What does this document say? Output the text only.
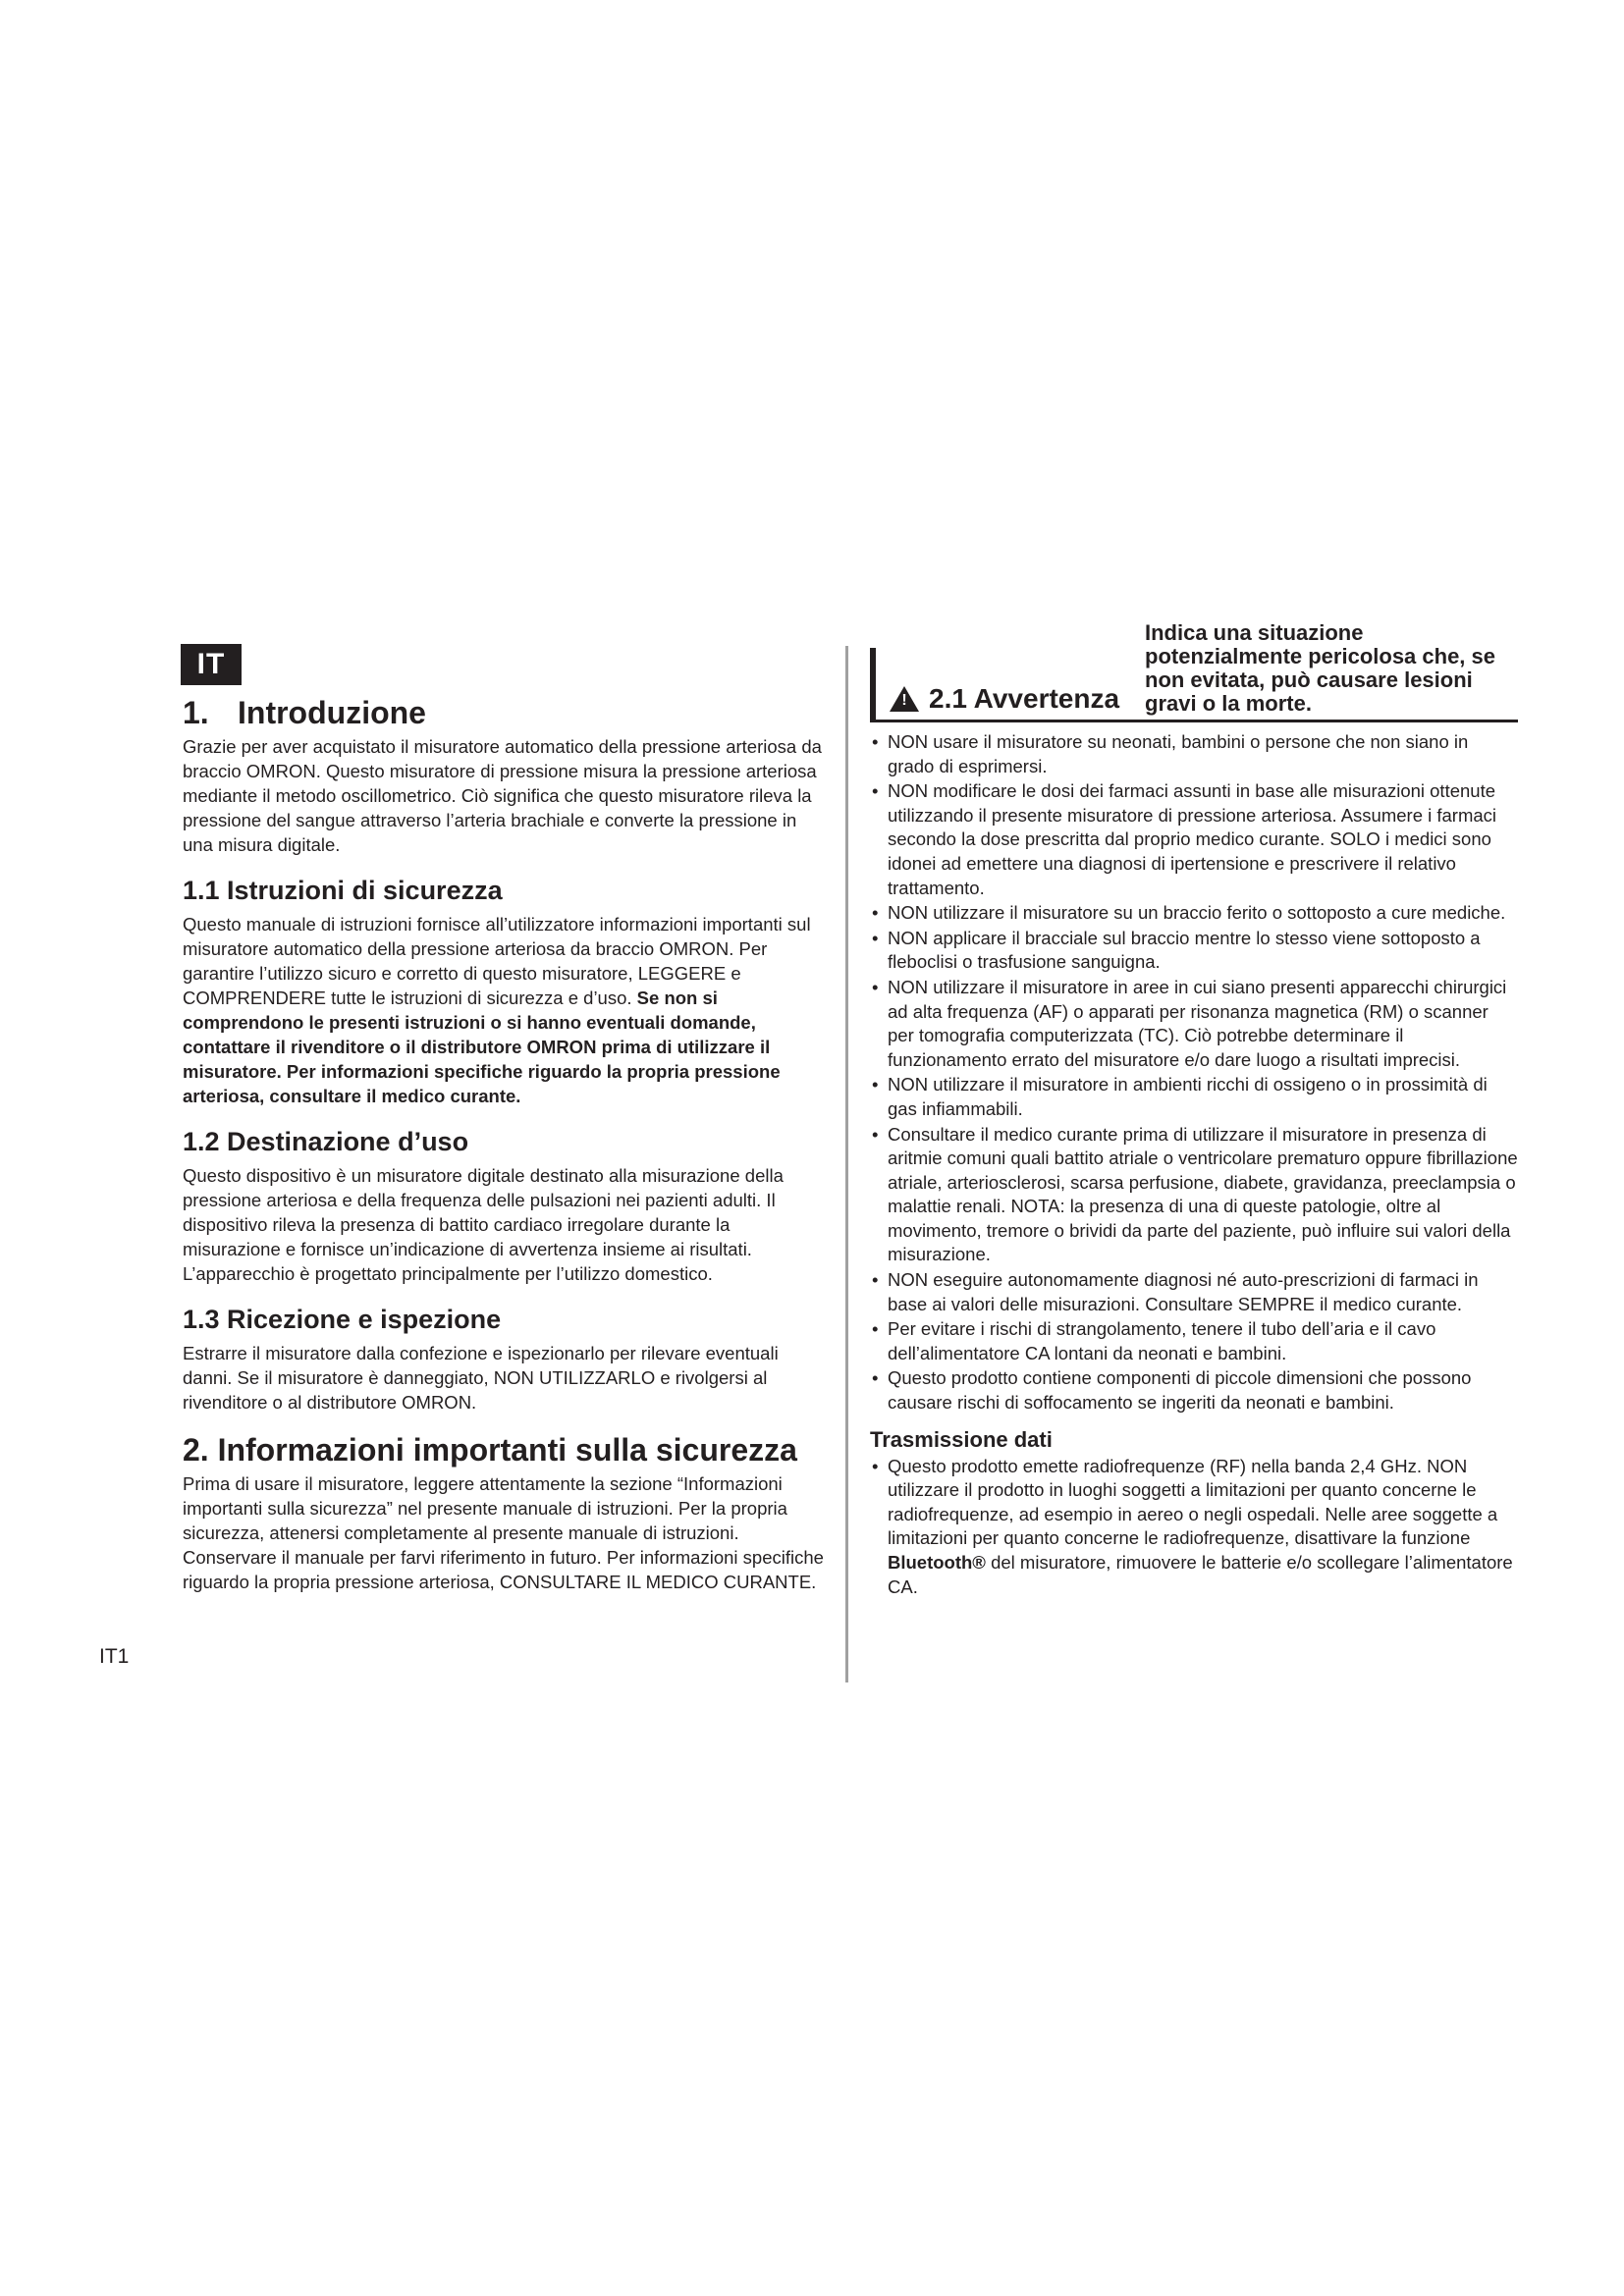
IT
1. Introduzione

Grazie per aver acquistato il misuratore automatico della pressione arteriosa da braccio OMRON. Questo misuratore di pressione misura la pressione arteriosa mediante il metodo oscillometrico. Ciò significa che questo misuratore rileva la pressione del sangue attraverso l’arteria brachiale e converte la pressione in una misura digitale.

1.1 Istruzioni di sicurezza

Questo manuale di istruzioni fornisce all’utilizzatore informazioni importanti sul misuratore automatico della pressione arteriosa da braccio OMRON. Per garantire l’utilizzo sicuro e corretto di questo misuratore, LEGGERE e COMPRENDERE tutte le istruzioni di sicurezza e d’uso. Se non si comprendono le presenti istruzioni o si hanno eventuali domande, contattare il rivenditore o il distributore OMRON prima di utilizzare il misuratore. Per informazioni specifiche riguardo la propria pressione arteriosa, consultare il medico curante.

1.2 Destinazione d’uso

Questo dispositivo è un misuratore digitale destinato alla misurazione della pressione arteriosa e della frequenza delle pulsazioni nei pazienti adulti. Il dispositivo rileva la presenza di battito cardiaco irregolare durante la misurazione e fornisce un’indicazione di avvertenza insieme ai risultati. L’apparecchio è progettato principalmente per l’utilizzo domestico.

1.3 Ricezione e ispezione

Estrarre il misuratore dalla confezione e ispezionarlo per rilevare eventuali danni. Se il misuratore è danneggiato, NON UTILIZZARLO e rivolgersi al rivenditore o al distributore OMRON.

2. Informazioni importanti sulla sicurezza

Prima di usare il misuratore, leggere attentamente la sezione “Informazioni importanti sulla sicurezza” nel presente manuale di istruzioni. Per la propria sicurezza, attenersi completamente al presente manuale di istruzioni. Conservare il manuale per farvi riferimento in futuro. Per informazioni specifiche riguardo la propria pressione arteriosa, CONSULTARE IL MEDICO CURANTE.

! 2.1 Avvertenza
Indica una situazione potenzialmente pericolosa che, se non evitata, può causare lesioni gravi o la morte.
• NON usare il misuratore su neonati, bambini o persone che non siano in grado di esprimersi.
• NON modificare le dosi dei farmaci assunti in base alle misurazioni ottenute utilizzando il presente misuratore di pressione arteriosa. Assumere i farmaci secondo la dose prescritta dal proprio medico curante. SOLO i medici sono idonei ad emettere una diagnosi di ipertensione e prescrivere il relativo trattamento.
• NON utilizzare il misuratore su un braccio ferito o sottoposto a cure mediche.
• NON applicare il bracciale sul braccio mentre lo stesso viene sottoposto a fleboclisi o trasfusione sanguigna.
• NON utilizzare il misuratore in aree in cui siano presenti apparecchi chirurgici ad alta frequenza (AF) o apparati per risonanza magnetica (RM) o scanner per tomografia computerizzata (TC). Ciò potrebbe determinare il funzionamento errato del misuratore e/o dare luogo a risultati imprecisi.
• NON utilizzare il misuratore in ambienti ricchi di ossigeno o in prossimità di gas infiammabili.
• Consultare il medico curante prima di utilizzare il misuratore in presenza di aritmie comuni quali battito atriale o ventricolare prematuro oppure fibrillazione atriale, arteriosclerosi, scarsa perfusione, diabete, gravidanza, preeclampsia o malattie renali. NOTA: la presenza di una di queste patologie, oltre al movimento, tremore o brividi da parte del paziente, può influire sui valori della misurazione.
• NON eseguire autonomamente diagnosi né auto-prescrizioni di farmaci in base ai valori delle misurazioni. Consultare SEMPRE il medico curante.
• Per evitare i rischi di strangolamento, tenere il tubo dell’aria e il cavo dell’alimentatore CA lontani da neonati e bambini.
• Questo prodotto contiene componenti di piccole dimensioni che possono causare rischi di soffocamento se ingeriti da neonati e bambini.
Trasmissione dati
• Questo prodotto emette radiofrequenze (RF) nella banda 2,4 GHz. NON utilizzare il prodotto in luoghi soggetti a limitazioni per quanto concerne le radiofrequenze, ad esempio in aereo o negli ospedali. Nelle aree soggette a limitazioni per quanto concerne le radiofrequenze, disattivare la funzione Bluetooth® del misuratore, rimuovere le batterie e/o scollegare l’alimentatore CA.
IT1
